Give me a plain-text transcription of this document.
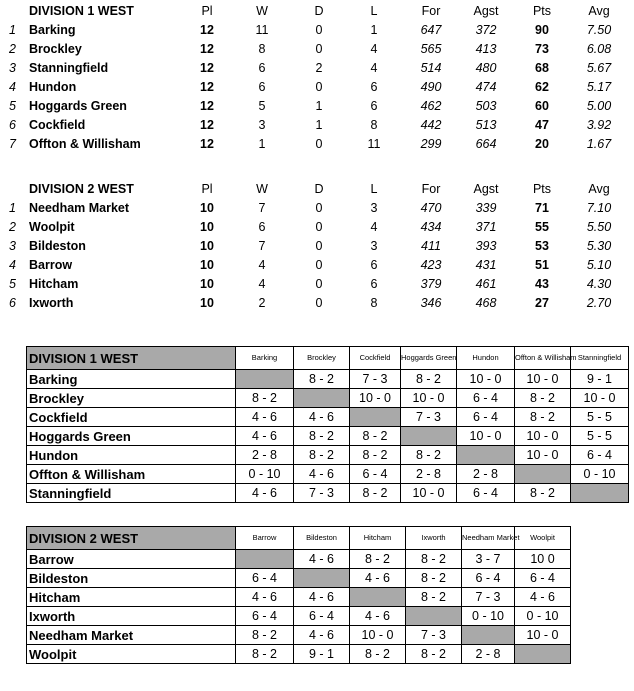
DIVISION 1 WEST	Pl	W	D	L	For	Agst	Pts	Avg
1 Barking	12	11	0	1	647	372	90	7.50
2 Brockley	12	8	0	4	565	413	73	6.08
3 Stanningfield	12	6	2	4	514	480	68	5.67
4 Hundon	12	6	0	6	490	474	62	5.17
5 Hoggards Green	12	5	1	6	462	503	60	5.00
6 Cockfield	12	3	1	8	442	513	47	3.92
7 Offton & Willisham	12	1	0	11	299	664	20	1.67
DIVISION 2 WEST	Pl	W	D	L	For	Agst	Pts	Avg
1 Needham Market	10	7	0	3	470	339	71	7.10
2 Woolpit	10	6	0	4	434	371	55	5.50
3 Bildeston	10	7	0	3	411	393	53	5.30
4 Barrow	10	4	0	6	423	431	51	5.10
5 Hitcham	10	4	0	6	379	461	43	4.30
6 Ixworth	10	2	0	8	346	468	27	2.70
DIVISION 1 WEST	Barking	Brockley	Cockfield	Hoggards Green	Hundon	Offton & Willisham	Stanningfield
Barking		8 - 2	7 - 3	8 - 2	10 - 0	10 - 0	9 - 1
Brockley	8 - 2		10 - 0	10 - 0	6 - 4	8 - 2	10 - 0
Cockfield	4 - 6	4 - 6		7 - 3	6 - 4	8 - 2	5 - 5
Hoggards Green	4 - 6	8 - 2	8 - 2		10 - 0	10 - 0	5 - 5
Hundon	2 - 8	8 - 2	8 - 2	8 - 2		10 - 0	6 - 4
Offton & Willisham	0 - 10	4 - 6	6 - 4	2 - 8	2 - 8		0 - 10
Stanningfield	4 - 6	7 - 3	8 - 2	10 - 0	6 - 4	8 - 2	
DIVISION 2 WEST	Barrow	Bildeston	Hitcham	Ixworth	Needham Market	Woolpit
Barrow		4 - 6	8 - 2	8 - 2	3 - 7	10 0
Bildeston	6 - 4		4 - 6	8 - 2	6 - 4	6 - 4
Hitcham	4 - 6	4 - 6		8 - 2	7 - 3	4 - 6
Ixworth	6 - 4	6 - 4	4 - 6		0 - 10	0 - 10
Needham Market	8 - 2	4 - 6	10 - 0	7 - 3		10 - 0
Woolpit	8 - 2	9 - 1	8 - 2	8 - 2	2 - 8	
